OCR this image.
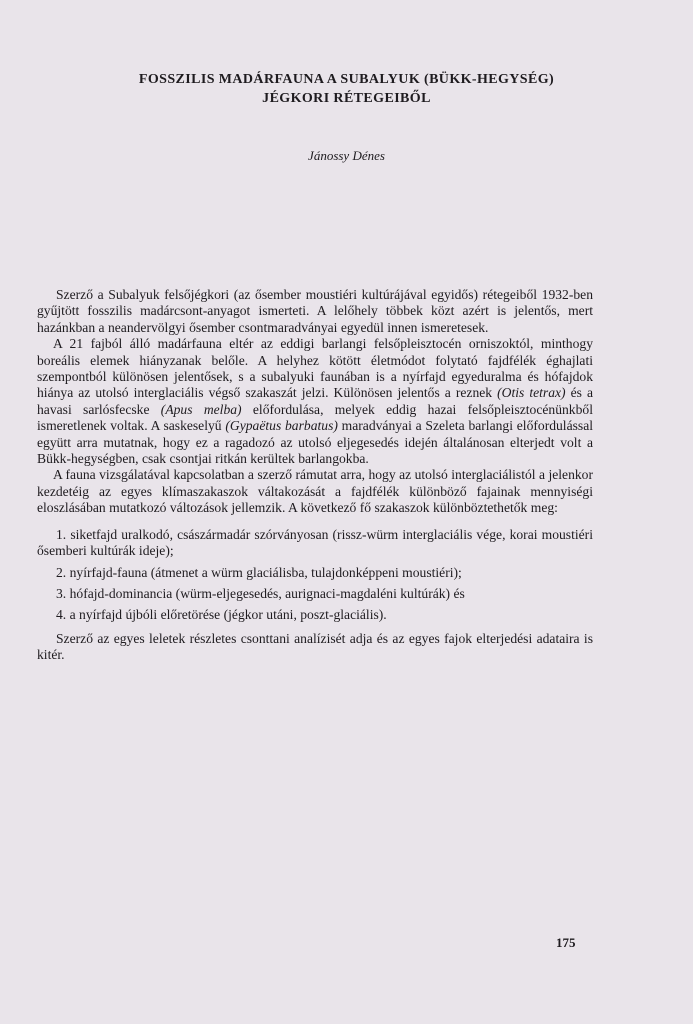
FOSSZILIS MADÁRFAUNA A SUBALYUK (BÜKK-HEGYSÉG)
JÉGKORI RÉTEGEIBŐL

Jánossy Dénes

Szerző a Subalyuk felsőjégkori (az ősember moustiéri kultúrájával egyidős) rétegeiből 1932-ben gyűjtött fosszilis madárcsont-anyagot ismerteti. A lelőhely többek közt azért is jelentős, mert hazánkban a neandervölgyi ősember csontmaradványai egyedül innen ismeretesek.

A 21 fajból álló madárfauna eltér az eddigi barlangi felsőpleisztocén orniszoktól, minthogy boreális elemek hiányzanak belőle. A helyhez kötött életmódot folytató fajdfélék éghajlati szempontból különösen jelentősek, s a subalyuki faunában is a nyírfajd egyeduralma és hófajdok hiánya az utolsó interglaciális végső szakaszát jelzi. Különösen jelentős a reznek (Otis tetrax) és a havasi sarlósfecske (Apus melba) előfordulása, melyek eddig hazai felsőpleisztocénünkből ismeretlenek voltak. A saskeselyű (Gypaëtus barbatus) maradványai a Szeleta barlangi előfordulással együtt arra mutatnak, hogy ez a ragadozó az utolsó eljegesedés idején általánosan elterjedt volt a Bükk-hegységben, csak csontjai ritkán kerültek barlangokba.

A fauna vizsgálatával kapcsolatban a szerző rámutat arra, hogy az utolsó interglaciálistól a jelenkor kezdetéig az egyes klímaszakaszok váltakozását a fajdfélék különböző fajainak mennyiségi eloszlásában mutatkozó változások jellemzik. A következő fő szakaszok különböztethetők meg:

1. siketfajd uralkodó, császármadár szórványosan (rissz-würm interglaciális vége, korai moustiéri ősemberi kultúrák ideje);

2. nyírfajd-fauna (átmenet a würm glaciálisba, tulajdonképpeni moustiéri);

3. hófajd-dominancia (würm-eljegesedés, aurignaci-magdaléni kultúrák) és

4. a nyírfajd újbóli előretörése (jégkor utáni, poszt-glaciális).

Szerző az egyes leletek részletes csonttani analízisét adja és az egyes fajok elterjedési adataira is kitér.

175
